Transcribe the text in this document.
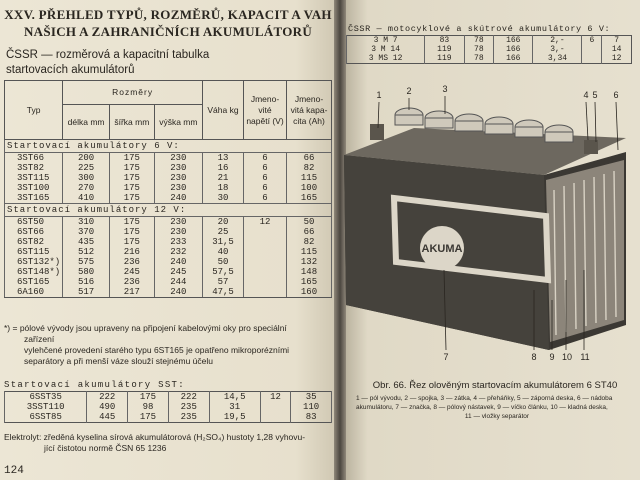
XXV. PŘEHLED TYPŮ, ROZMĚRŮ, KAPACIT A VAH
NAŠICH A ZAHRANIČNÍCH AKUMULÁTORŮ
ČSSR — rozměrová a kapacitní tabulka
startovacích akumulátorů
Typ	Rozměry			Váha kg	Jmeno-vité napětí (V)	Jmeno-vitá kapa-cita (Ah)
	délka mm	šířka mm	výška mm			
Startovací akumulátory 6 V:						
3ST66	200	175	230	13	6	66
3ST82	225	175	230	16	6	82
3ST115	300	175	230	21	6	115
3ST100	270	175	230	18	6	100
3ST165	410	175	240	30	6	165
Startovací akumulátory 12 V:						
6ST50	310	175	230	20	12	50
6ST66	370	175	230	25		66
6ST82	435	175	233	31,5		82
6ST115	512	216	232	40		115
6ST132*)	575	236	240	50		132
6ST148*)	580	245	245	57,5		148
6ST165	516	236	244	57		165
6A160	517	217	240	47,5		160
*) = pólové vývody jsou upraveny na připojení kabelovými oky pro speciální
zařízení
vylehčené provedení starého typu 6ST165 je opatřeno mikroporézními
separátory a při menší váze slouží stejnému účelu
Startovací akumulátory SST:
6SST35	222	175	222	14,5	12	35
3SST110	490	98	235	31		110
6SST85	445	175	235	19,5		83
Elektrolyt: zředěná kyselina sírová akumulátorová (H₂SO₄) hustoty 1,28 vyhovu-
jící čistotou normě ČSN 65 1236
124
ČSSR — motocyklové a skútrové akumulátory 6 V:
3 M 7	83	78	166	2,-	6	7
3 M 14	119	78	166	3,-		14
3 MS 12	119	78	166	3,34		12
AKUMA
1	2	3
4 5 6
7	8 9 10 11
Obr. 66. Řez olověným startovacím akumulátorem 6 ST40
1 — pól vývodu, 2 — spojka, 3 — zátka, 4 — přeháňky, 5 — záporná deska, 6 — nádoba
akumulátoru, 7 — značka, 8 — pólový nástavek, 9 — víčko článku, 10 — kladná deska,
11 — vložky separátor
